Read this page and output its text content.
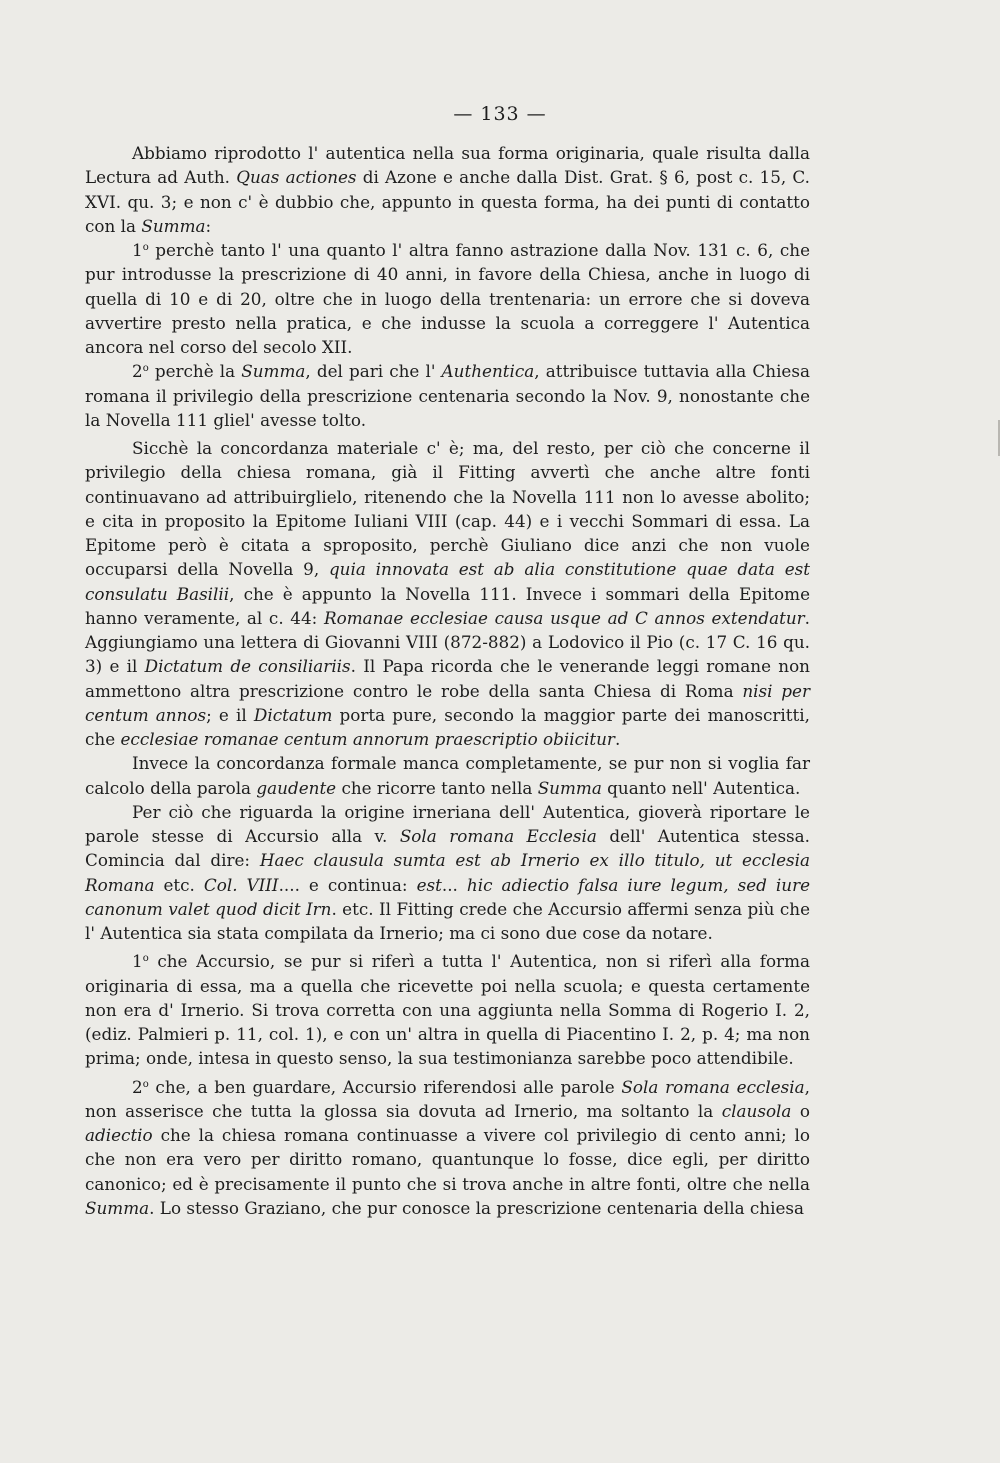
— 133 —

Abbiamo riprodotto l' autentica nella sua forma originaria, quale risulta dalla Lectura ad Auth. Quas actiones di Azone e anche dalla Dist. Grat. § 6, post c. 15, C. XVI. qu. 3; e non c' è dubbio che, appunto in questa forma, ha dei punti di contatto con la Summa:

1$^o$ perchè tanto l' una quanto l' altra fanno astrazione dalla Nov. 131 c. 6, che pur introdusse la prescrizione di 40 anni, in favore della Chiesa, anche in luogo di quella di 10 e di 20, oltre che in luogo della trentenaria: un errore che si doveva avvertire presto nella pratica, e che indusse la scuola a correggere l' Autentica ancora nel corso del secolo XII.

2$^o$ perchè la Summa, del pari che l' Authentica, attribuisce tuttavia alla Chiesa romana il privilegio della prescrizione centenaria secondo la Nov. 9, nonostante che la Novella 111 gliel' avesse tolto.

Sicchè la concordanza materiale c' è; ma, del resto, per ciò che concerne il privilegio della chiesa romana, già il Fitting avvertì che anche altre fonti continuavano ad attribuirglielo, ritenendo che la Novella 111 non lo avesse abolito; e cita in proposito la Epitome Iuliani VIII (cap. 44) e i vecchi Sommari di essa. La Epitome però è citata a sproposito, perchè Giuliano dice anzi che non vuole occuparsi della Novella 9, quia innovata est ab alia constitutione quae data est consulatu Basilii, che è appunto la Novella 111. Invece i sommari della Epitome hanno veramente, al c. 44: Romanae ecclesiae causa usque ad C annos extendatur. Aggiungiamo una lettera di Giovanni VIII (872-882) a Lodovico il Pio (c. 17 C. 16 qu. 3) e il Dictatum de consiliariis. Il Papa ricorda che le venerande leggi romane non ammettono altra prescrizione contro le robe della santa Chiesa di Roma nisi per centum annos; e il Dictatum porta pure, secondo la maggior parte dei manoscritti, che ecclesiae romanae centum annorum praescriptio obiicitur.

Invece la concordanza formale manca completamente, se pur non si voglia far calcolo della parola gaudente che ricorre tanto nella Summa quanto nell' Autentica.

Per ciò che riguarda la origine irneriana dell' Autentica, gioverà riportare le parole stesse di Accursio alla v. Sola romana Ecclesia dell' Autentica stessa. Comincia dal dire: Haec clausula sumta est ab Irnerio ex illo titulo, ut ecclesia Romana etc. Col. VIII.... e continua: est... hic adiectio falsa iure legum, sed iure canonum valet quod dicit Irn. etc. Il Fitting crede che Accursio affermi senza più che l' Autentica sia stata compilata da Irnerio; ma ci sono due cose da notare.

1$^o$ che Accursio, se pur si riferì a tutta l' Autentica, non si riferì alla forma originaria di essa, ma a quella che ricevette poi nella scuola; e questa certamente non era d' Irnerio. Si trova corretta con una aggiunta nella Somma di Rogerio I. 2, (ediz. Palmieri p. 11, col. 1), e con un' altra in quella di Piacentino I. 2, p. 4; ma non prima; onde, intesa in questo senso, la sua testimonianza sarebbe poco attendibile.

2$^o$ che, a ben guardare, Accursio riferendosi alle parole Sola romana ecclesia, non asserisce che tutta la glossa sia dovuta ad Irnerio, ma soltanto la clausola o adiectio che la chiesa romana continuasse a vivere col privilegio di cento anni; lo che non era vero per diritto romano, quantunque lo fosse, dice egli, per diritto canonico; ed è precisamente il punto che si trova anche in altre fonti, oltre che nella Summa. Lo stesso Graziano, che pur conosce la prescrizione centenaria della chiesa
